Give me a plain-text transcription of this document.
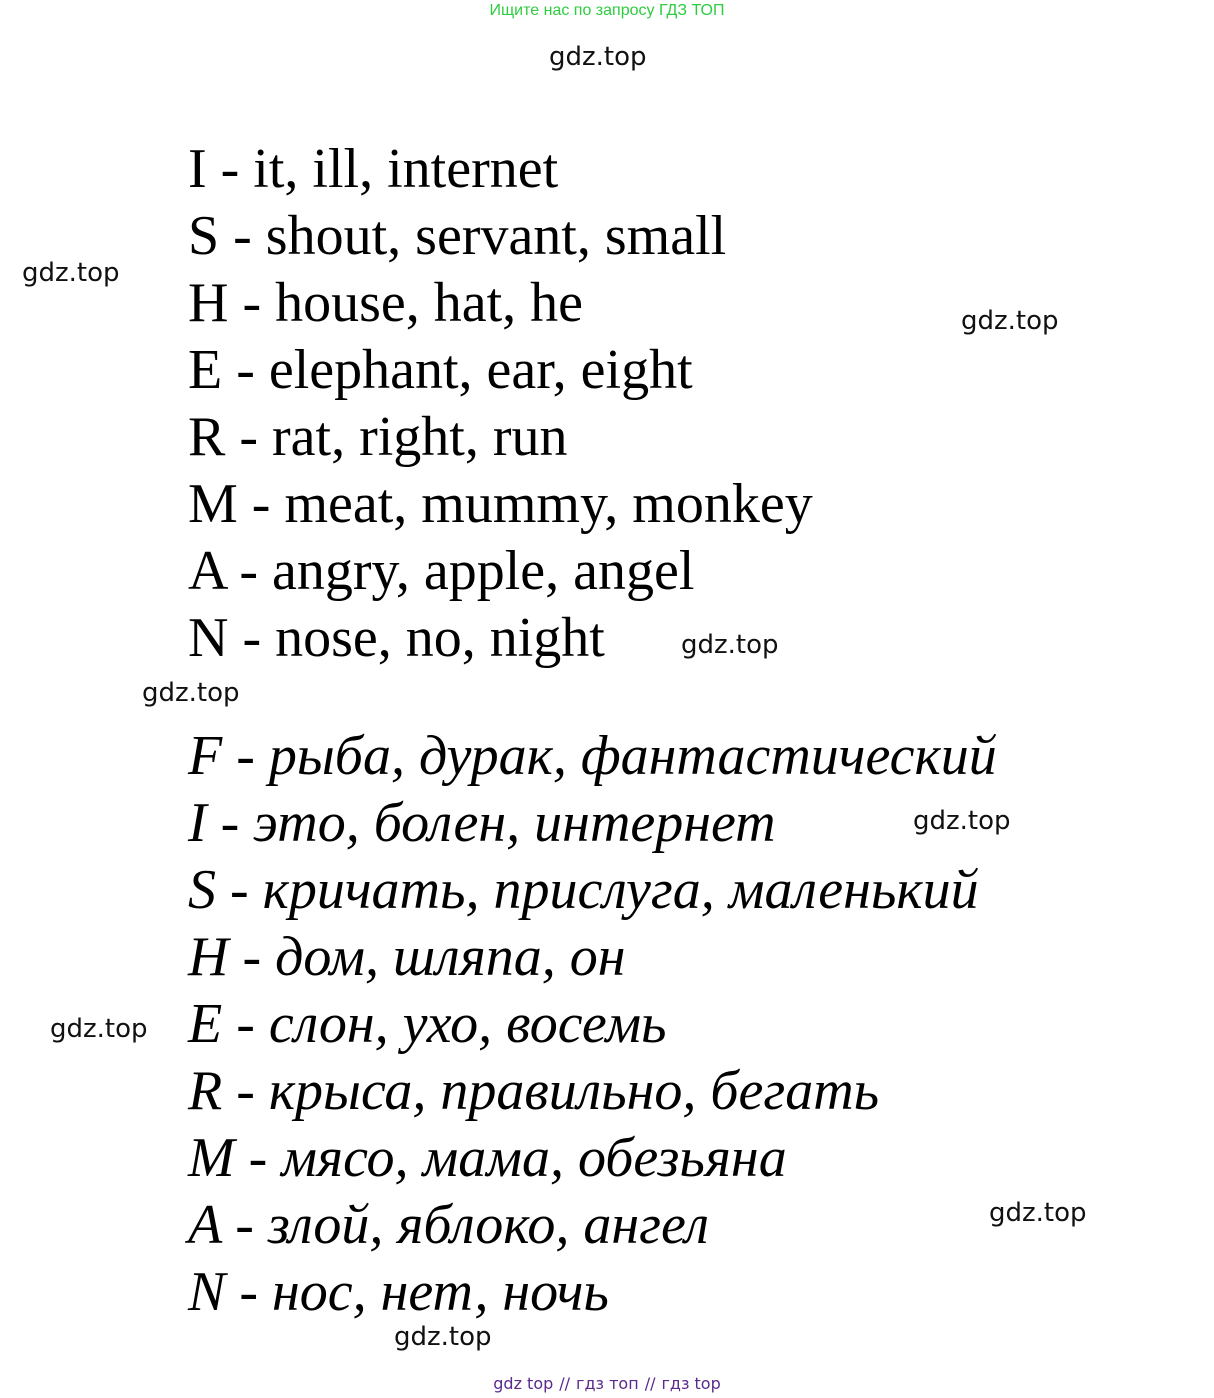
Ищите нас по запросу ГДЗ ТОП
gdz.top
gdz.top
gdz.top
gdz.top
gdz.top
gdz.top
gdz.top
gdz.top
gdz.top
I - it, ill, internet
S - shout, servant, small
H - house, hat, he
E - elephant, ear, eight
R - rat, right, run
M - meat, mummy, monkey
A - angry, apple, angel
N - nose, no, night
F - рыба, дурак, фантастический
I - это, болен, интернет
S - кричать, прислуга, маленький
H - дом, шляпа, он
E - слон, ухо, восемь
R - крыса, правильно, бегать
M - мясо, мама, обезьяна
A - злой, яблоко, ангел
N - нос, нет, ночь
gdz top // гдз топ // гдз top
